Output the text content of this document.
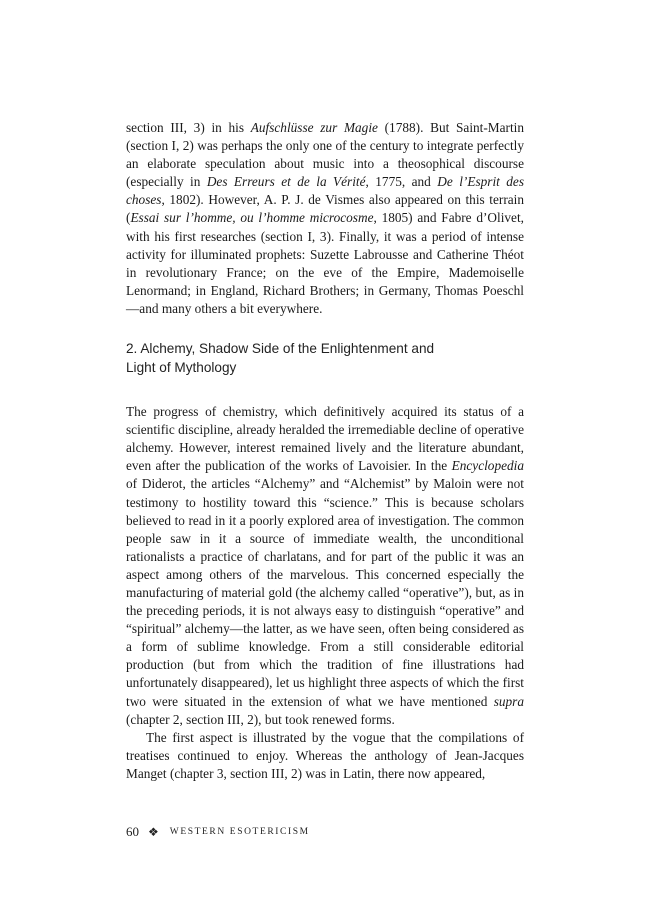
section III, 3) in his Aufschlüsse zur Magie (1788). But Saint-Martin (section I, 2) was perhaps the only one of the century to integrate perfectly an elaborate speculation about music into a theosophical discourse (especially in Des Erreurs et de la Vérité, 1775, and De l’Esprit des choses, 1802). However, A. P. J. de Vismes also appeared on this terrain (Essai sur l’homme, ou l’homme microcosme, 1805) and Fabre d’Olivet, with his first researches (section I, 3). Finally, it was a period of intense activity for illuminated prophets: Suzette Labrousse and Catherine Théot in revolutionary France; on the eve of the Empire, Mademoiselle Lenormand; in England, Richard Brothers; in Germany, Thomas Poeschl—and many others a bit everywhere.

2. Alchemy, Shadow Side of the Enlightenment and
Light of Mythology

The progress of chemistry, which definitively acquired its status of a scientific discipline, already heralded the irremediable decline of operative alchemy. However, interest remained lively and the literature abundant, even after the publication of the works of Lavoisier. In the Encyclopedia of Diderot, the articles “Alchemy” and “Alchemist” by Maloin were not testimony to hostility toward this “science.” This is because scholars believed to read in it a poorly explored area of investigation. The common people saw in it a source of immediate wealth, the unconditional rationalists a practice of charlatans, and for part of the public it was an aspect among others of the marvelous. This concerned especially the manufacturing of material gold (the alchemy called “operative”), but, as in the preceding periods, it is not always easy to distinguish “operative” and “spiritual” alchemy—the latter, as we have seen, often being considered as a form of sublime knowledge. From a still considerable editorial production (but from which the tradition of fine illustrations had unfortunately disappeared), let us highlight three aspects of which the first two were situated in the extension of what we have mentioned supra (chapter 2, section III, 2), but took renewed forms.

The first aspect is illustrated by the vogue that the compilations of treatises continued to enjoy. Whereas the anthology of Jean-Jacques Manget (chapter 3, section III, 2) was in Latin, there now appeared,

60 ❖ WESTERN ESOTERICISM
